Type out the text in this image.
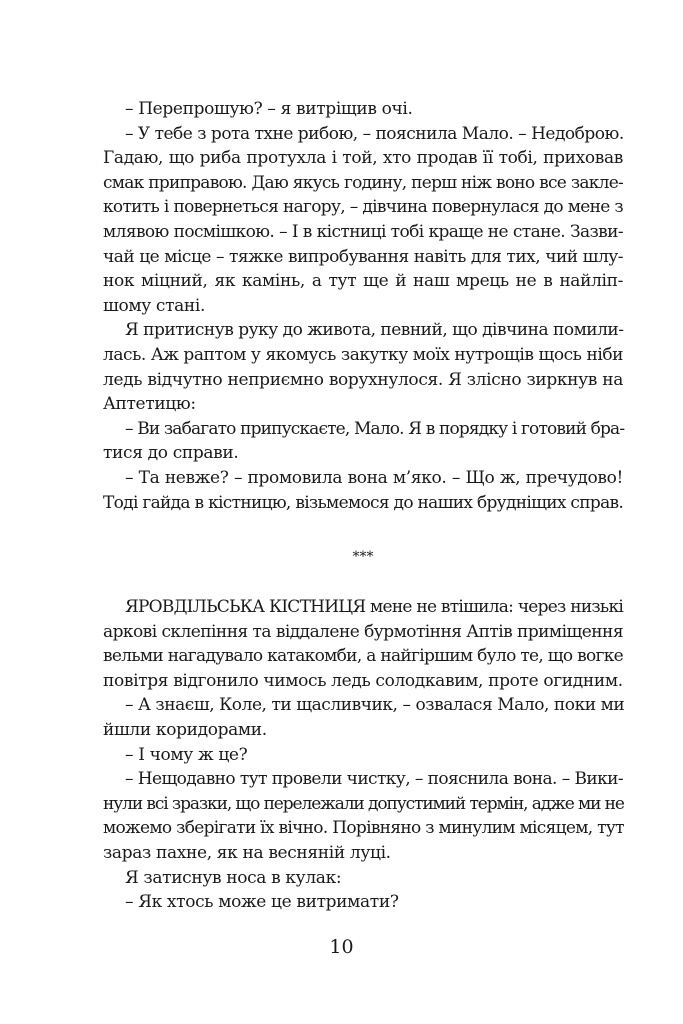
– Перепрошую? – я витріщив очі.
– У тебе з рота тхне рибою, – пояснила Мало. – Недоброю.
Гадаю, що риба протухла і той, хто продав її тобі, приховав
смак приправою. Даю якусь годину, перш ніж воно все закле-
котить і повернеться нагору, – дівчина повернулася до мене з
млявою посмішкою. – І в кістниці тобі краще не стане. Зазви-
чай це місце – тяжке випробування навіть для тих, чий шлу-
нок міцний, як камінь, а тут ще й наш мрець не в найліп-
шому стані.
Я притиснув руку до живота, певний, що дівчина помили-
лась. Аж раптом у якомусь закутку моїх нутрощів щось ніби
ледь відчутно неприємно ворухнулося. Я злісно зиркнув на
Аптетицю:
– Ви забагато припускаєте, Мало. Я в порядку і готовий бра-
тися до справи.
– Та невже? – промовила вона м’яко. – Що ж, пречудово!
Тоді гайда в кістницю, візьмемося до наших брудніщих справ.
***
ЯРОВДІЛЬСЬКА КІСТНИЦЯ мене не втішила: через низькі
аркові склепіння та віддалене бурмотіння Аптів приміщення
вельми нагадувало катакомби, а найгіршим було те, що вогке
повітря відгонило чимось ледь солодкавим, проте огидним.
– А знаєш, Коле, ти щасливчик, – озвалася Мало, поки ми
йшли коридорами.
– І чому ж це?
– Нещодавно тут провели чистку, – пояснила вона. – Вики-
нули всі зразки, що перележали допустимий термін, адже ми не
можемо зберігати їх вічно. Порівняно з минулим місяцем, тут
зараз пахне, як на весняній луці.
Я затиснув носа в кулак:
– Як хтось може це витримати?
10
